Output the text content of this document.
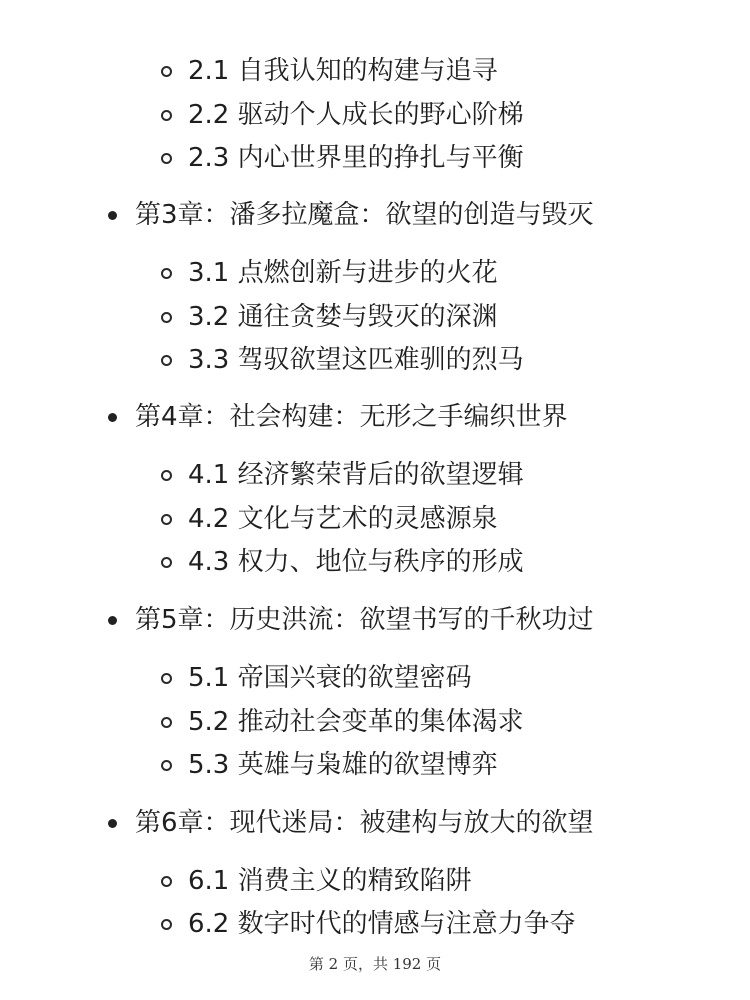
2.1 自我认知的构建与追寻
2.2 驱动个人成长的野心阶梯
2.3 内心世界里的挣扎与平衡
第3章：潘多拉魔盒：欲望的创造与毁灭
3.1 点燃创新与进步的火花
3.2 通往贪婪与毁灭的深渊
3.3 驾驭欲望这匹难驯的烈马
第4章：社会构建：无形之手编织世界
4.1 经济繁荣背后的欲望逻辑
4.2 文化与艺术的灵感源泉
4.3 权力、地位与秩序的形成
第5章：历史洪流：欲望书写的千秋功过
5.1 帝国兴衰的欲望密码
5.2 推动社会变革的集体渴求
5.3 英雄与枭雄的欲望博弈
第6章：现代迷局：被建构与放大的欲望
6.1 消费主义的精致陷阱
6.2 数字时代的情感与注意力争夺
第 2 页，共 192 页
